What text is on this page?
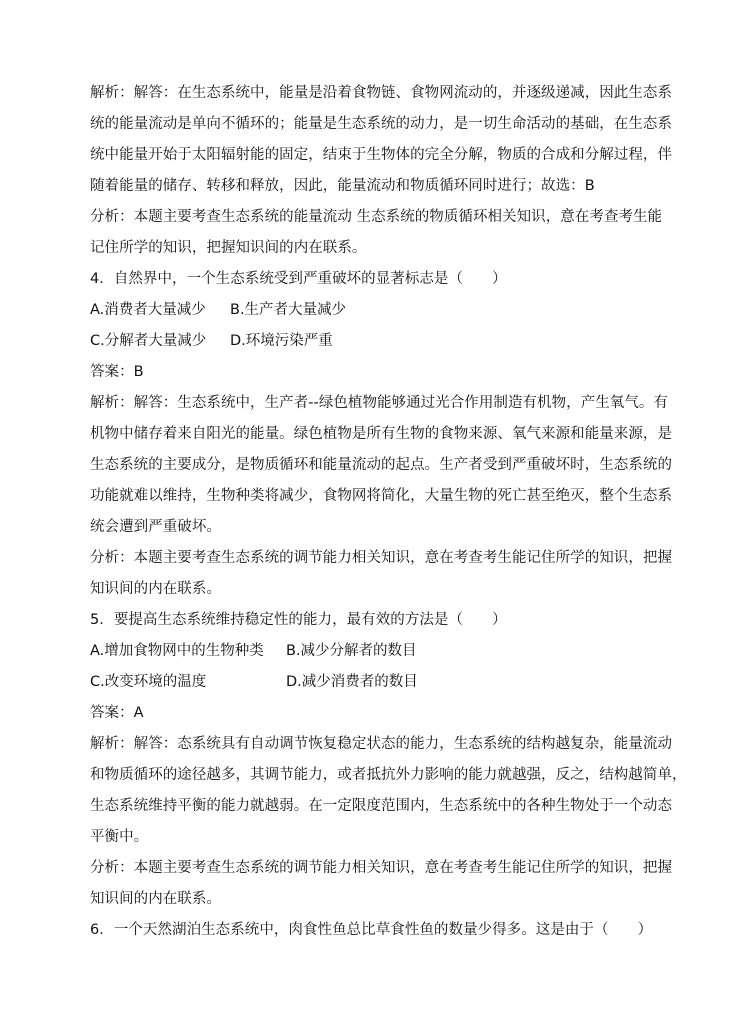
解析：解答：在生态系统中，能量是沿着食物链、食物网流动的，并逐级递减，因此生态系
统的能量流动是单向不循环的；能量是生态系统的动力，是一切生命活动的基础，在生态系
统中能量开始于太阳辐射能的固定，结束于生物体的完全分解，物质的合成和分解过程，伴
随着能量的储存、转移和释放，因此，能量流动和物质循环同时进行；故选：B

分析：本题主要考查生态系统的能量流动 生态系统的物质循环相关知识，意在考查考生能
记住所学的知识，把握知识间的内在联系。

4．自然界中，一个生态系统受到严重破坏的显著标志是（　　）

A.消费者大量减少 B.生产者大量减少

C.分解者大量减少 D.环境污染严重

答案：B

解析：解答：生态系统中，生产者--绿色植物能够通过光合作用制造有机物，产生氧气。有
机物中储存着来自阳光的能量。绿色植物是所有生物的食物来源、氧气来源和能量来源，是
生态系统的主要成分，是物质循环和能量流动的起点。生产者受到严重破坏时，生态系统的
功能就难以维持，生物种类将减少，食物网将简化，大量生物的死亡甚至绝灭，整个生态系
统会遭到严重破坏。

分析：本题主要考查生态系统的调节能力相关知识，意在考查考生能记住所学的知识，把握
知识间的内在联系。

5．要提高生态系统维持稳定性的能力，最有效的方法是（　　）

A.增加食物网中的生物种类 B.减少分解者的数目

C.改变环境的温度	D.减少消费者的数目

答案：A

解析：解答：态系统具有自动调节恢复稳定状态的能力，生态系统的结构越复杂，能量流动
和物质循环的途径越多，其调节能力，或者抵抗外力影响的能力就越强，反之，结构越简单，
生态系统维持平衡的能力就越弱。在一定限度范围内，生态系统中的各种生物处于一个动态
平衡中。

分析：本题主要考查生态系统的调节能力相关知识，意在考查考生能记住所学的知识，把握
知识间的内在联系。

6．一个天然湖泊生态系统中，肉食性鱼总比草食性鱼的数量少得多。这是由于（　　）
